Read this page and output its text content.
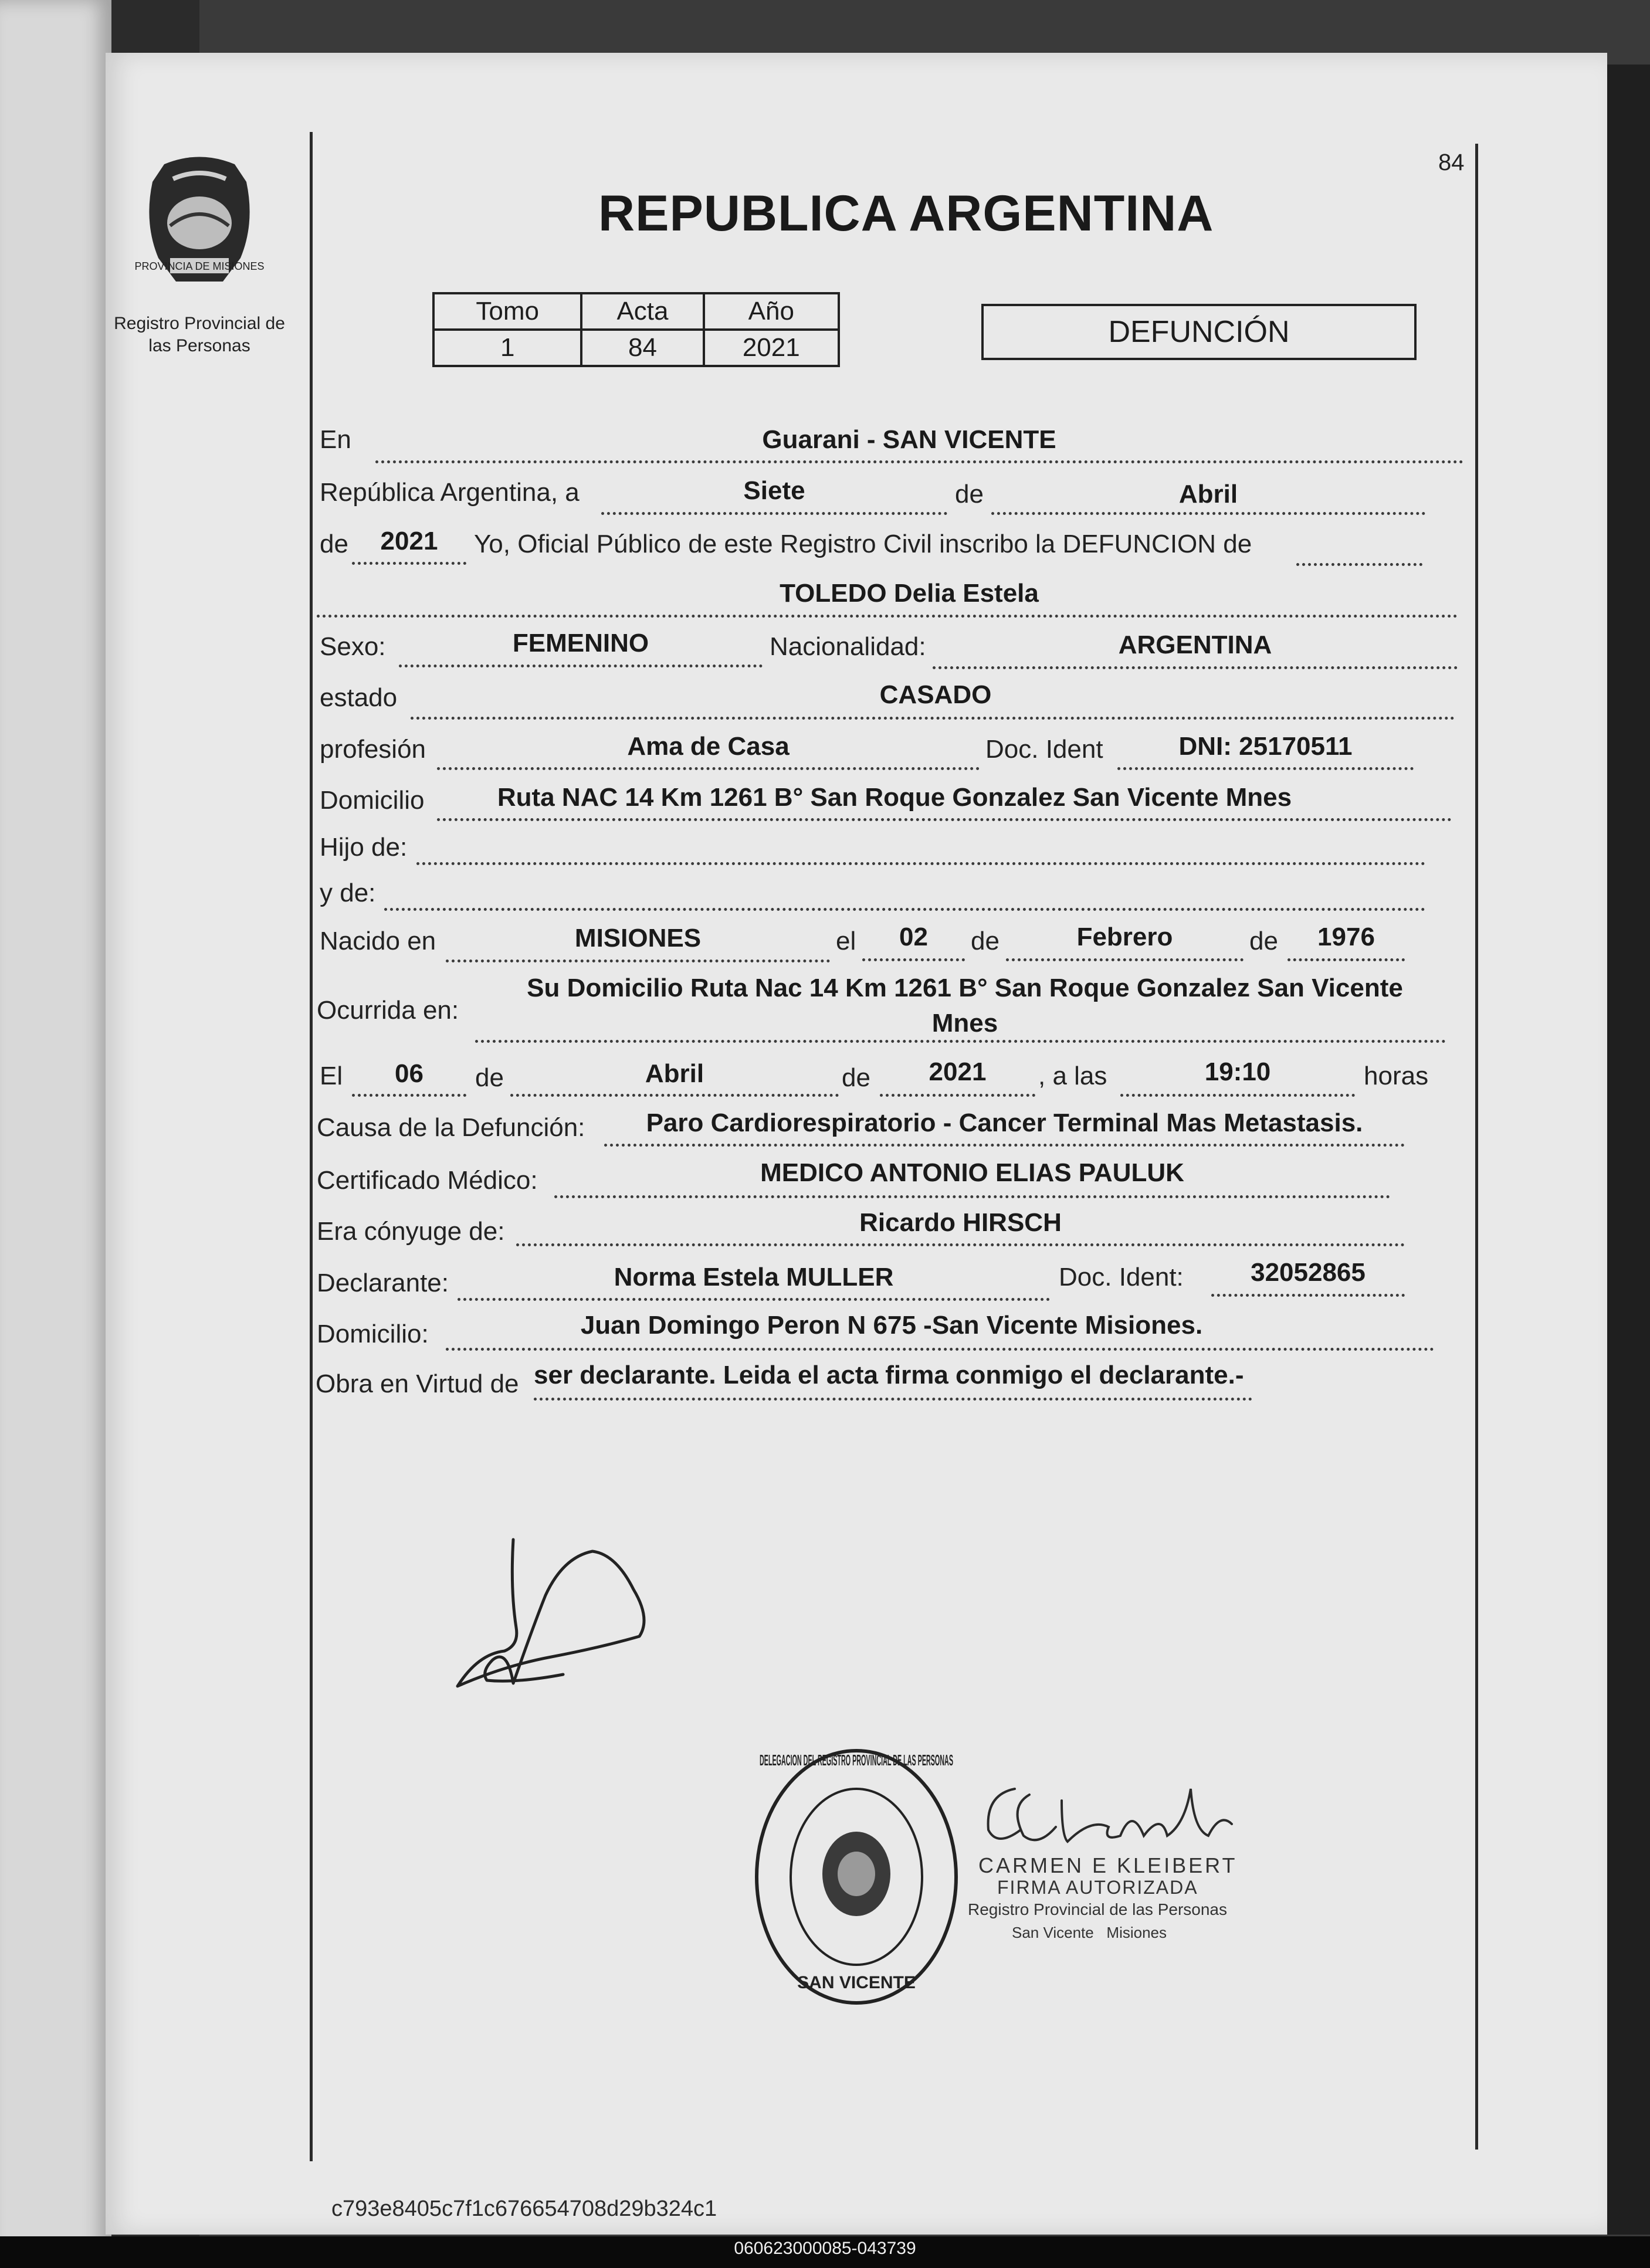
84
PROVINCIA DE MISIONES
Registro Provincial de
las Personas
REPUBLICA ARGENTINA
Tomo	Acta	Año
1	84	2021	DEFUNCIÓN
En	Guarani - SAN VICENTE
República Argentina, a	Siete	de	Abril
de	2021	Yo, Oficial Público de este Registro Civil inscribo la DEFUNCION de
TOLEDO Delia Estela
Sexo:	FEMENINO	Nacionalidad:	ARGENTINA
estado	CASADO
profesión	Ama de Casa	Doc. Ident	DNI: 25170511
Domicilio	Ruta NAC 14 Km 1261 B° San Roque Gonzalez San Vicente Mnes
Hijo de:
y de:
Nacido en	MISIONES	el	02	de	Febrero	de	1976
Ocurrida en:
Su Domicilio Ruta Nac 14 Km 1261 B° San Roque Gonzalez San Vicente
Mnes
El	06	de	Abril	de	2021	, a las	19:10	horas
Causa de la Defunción:	Paro Cardiorespiratorio - Cancer Terminal Mas Metastasis.
Certificado Médico:	MEDICO ANTONIO ELIAS PAULUK
Era cónyuge de:	Ricardo HIRSCH
Declarante:	Norma Estela MULLER	Doc. Ident:	32052865
Domicilio:	Juan Domingo Peron N 675 -San Vicente Misiones.
Obra en Virtud de ser declarante. Leida el acta firma conmigo el declarante.-
DELEGACION DEL REGISTRO PROVINCIAL DE LAS PERSONAS
SAN VICENTE
CARMEN E KLEIBERT
FIRMA AUTORIZADA
Registro Provincial de las Personas
San Vicente   Misiones
c793e8405c7f1c676654708d29b324c1
060623000085-043739
